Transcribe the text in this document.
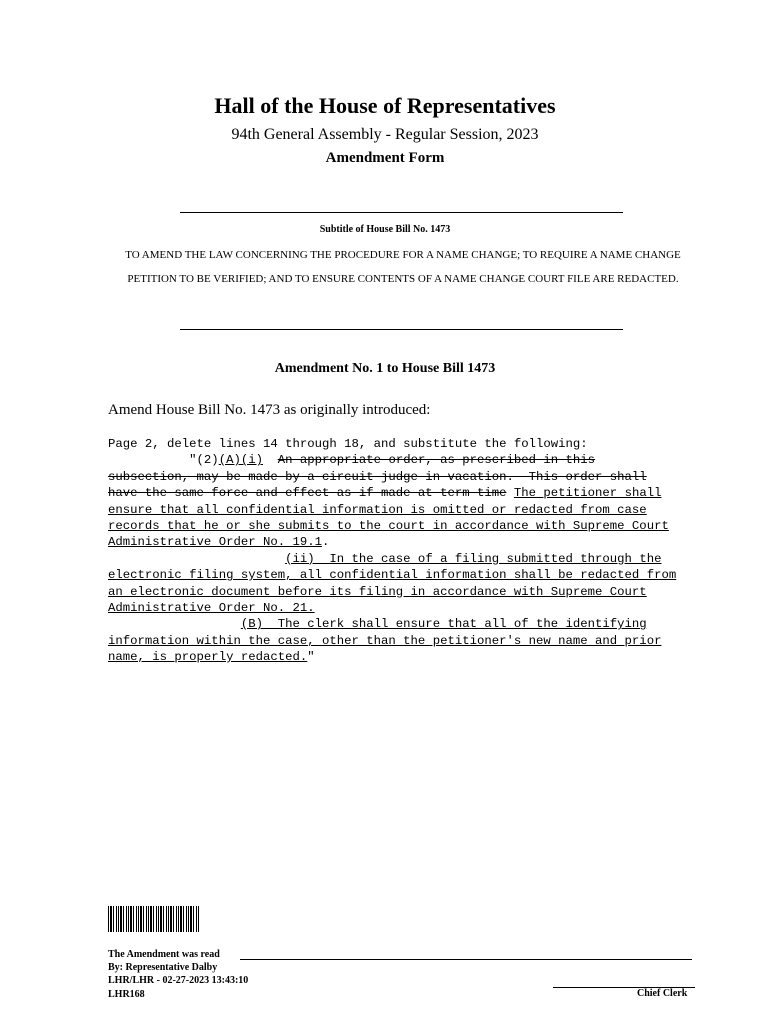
Hall of the House of Representatives
94th General Assembly - Regular Session, 2023
Amendment Form
Subtitle of House Bill No. 1473
TO AMEND THE LAW CONCERNING THE PROCEDURE FOR A NAME CHANGE; TO REQUIRE A NAME CHANGE PETITION TO BE VERIFIED; AND TO ENSURE CONTENTS OF A NAME CHANGE COURT FILE ARE REDACTED.
Amendment No. 1 to House Bill 1473
Amend House Bill No. 1473 as originally introduced:
Page 2, delete lines 14 through 18, and substitute the following:
"(2)(A)(i) An appropriate order, as prescribed in this
subsection, may be made by a circuit judge in vacation.  This order shall
have the same force and effect as if made at term time The petitioner shall
ensure that all confidential information is omitted or redacted from case
records that he or she submits to the court in accordance with Supreme Court
Administrative Order No. 19.1.
(ii)  In the case of a filing submitted through the
electronic filing system, all confidential information shall be redacted from
an electronic document before its filing in accordance with Supreme Court
Administrative Order No. 21.
(B)  The clerk shall ensure that all of the identifying
information within the case, other than the petitioner's new name and prior
name, is properly redacted."
The Amendment was read
By: Representative Dalby
LHR/LHR - 02-27-2023 13:43:10
LHR168	Chief Clerk
